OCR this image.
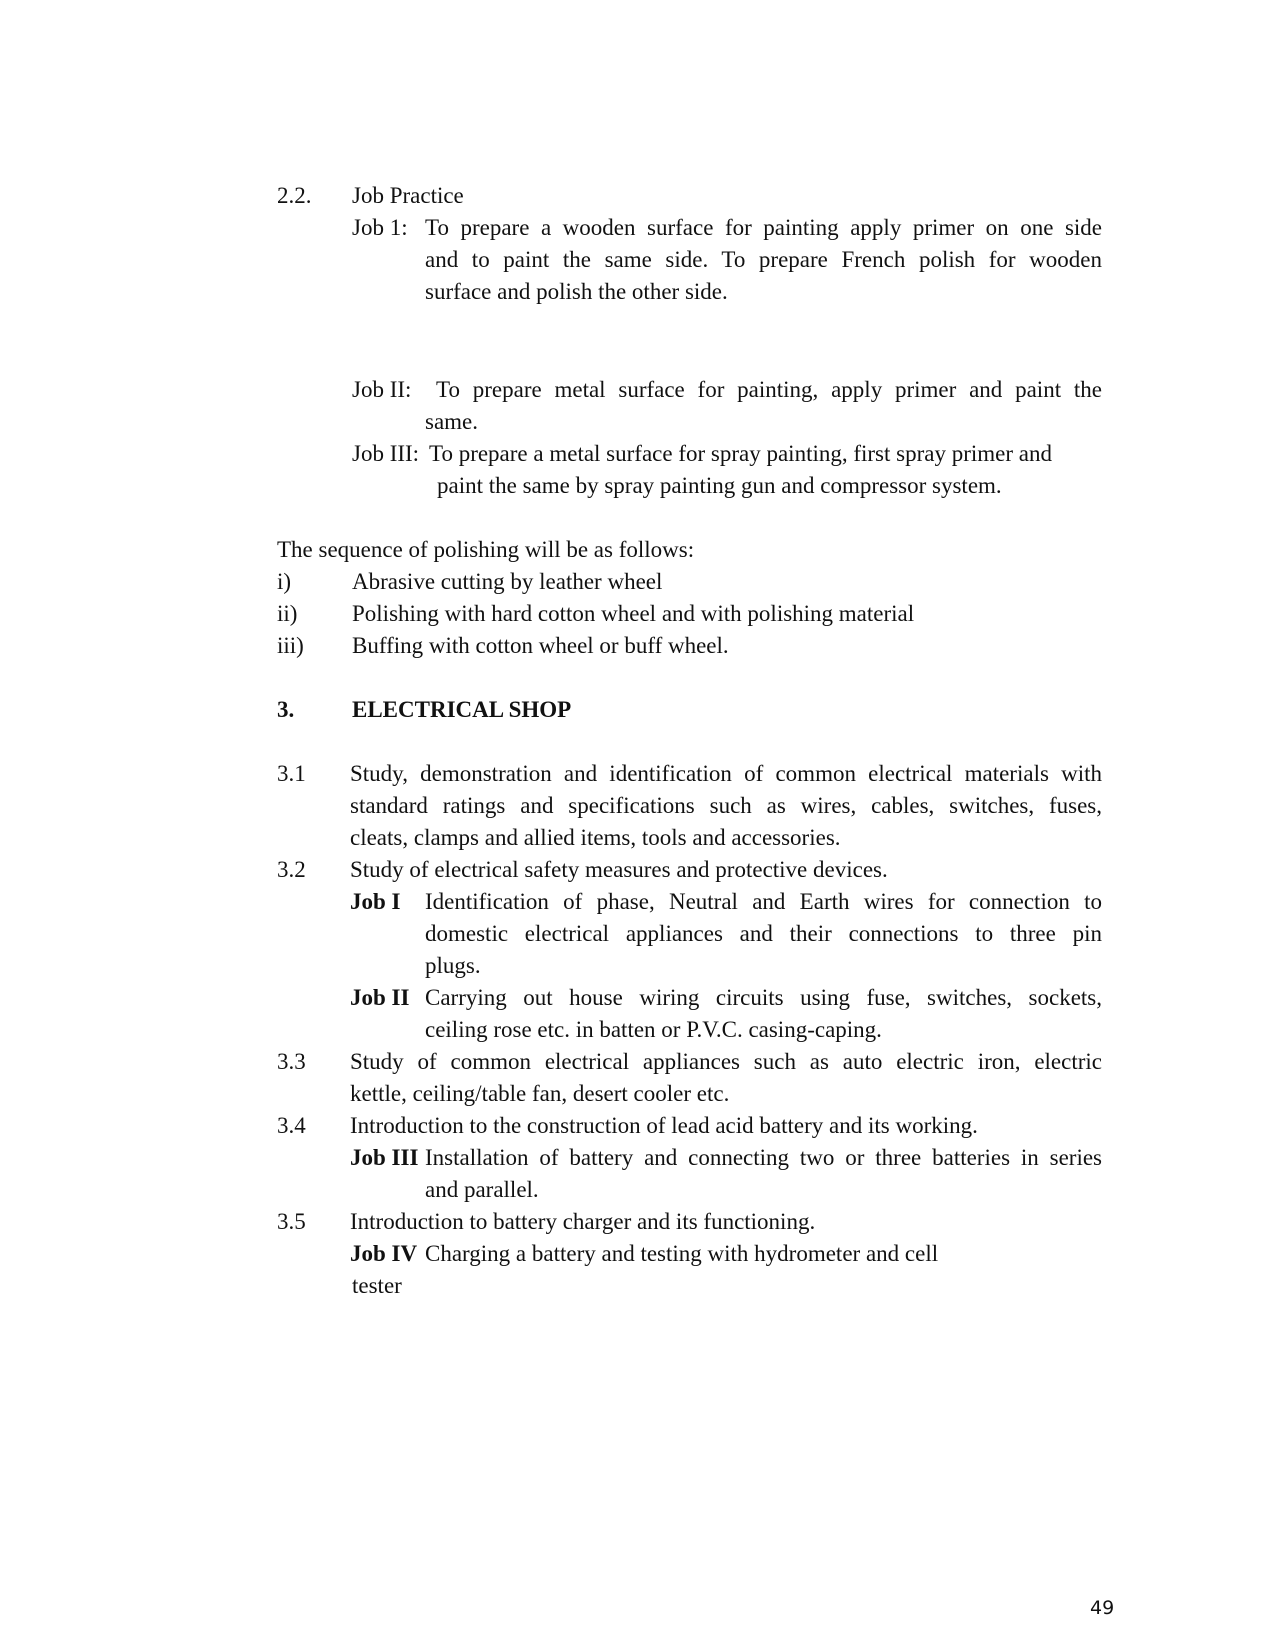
2.2. Job Practice
Job 1: To prepare a wooden surface for painting apply primer on one side
and to paint the same side. To prepare French polish for wooden
surface and polish the other side.
Job II: To prepare metal surface for painting, apply primer and paint the
same.
Job III: To prepare a metal surface for spray painting, first spray primer and
paint the same by spray painting gun and compressor system.
The sequence of polishing will be as follows:
i)	Abrasive cutting by leather wheel
ii) Polishing with hard cotton wheel and with polishing material
iii) Buffing with cotton wheel or buff wheel.
3.	ELECTRICAL SHOP
3.1 Study, demonstration and identification of common electrical materials with
standard ratings and specifications such as wires, cables, switches, fuses,
cleats, clamps and allied items, tools and accessories.
3.2 Study of electrical safety measures and protective devices.
Job I Identification of phase, Neutral and Earth wires for connection to
domestic electrical appliances and their connections to three pin
plugs.
Job II Carrying out house wiring circuits using fuse, switches, sockets,
ceiling rose etc. in batten or P.V.C. casing-caping.
3.3 Study of common electrical appliances such as auto electric iron, electric
kettle, ceiling/table fan, desert cooler etc.
3.4 Introduction to the construction of lead acid battery and its working.
Job III Installation of battery and connecting two or three batteries in series
and parallel.
3.5 Introduction to battery charger and its functioning.
Job IV Charging a battery and testing with hydrometer and cell
tester
49
